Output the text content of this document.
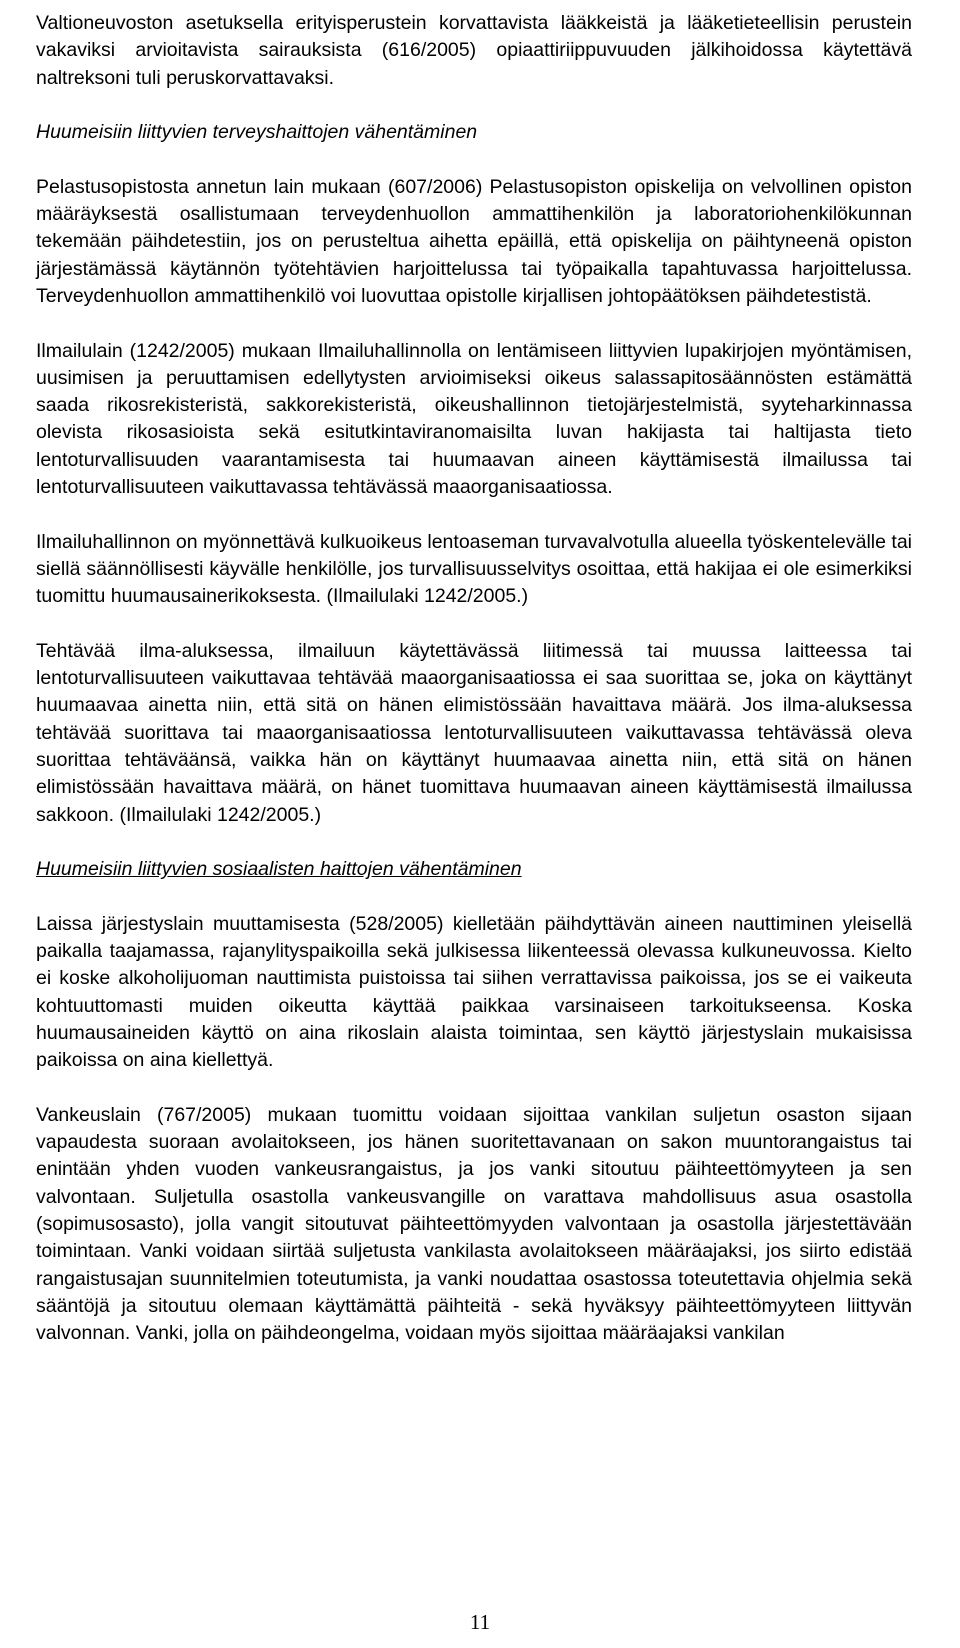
Valtioneuvoston asetuksella erityisperustein korvattavista lääkkeistä ja lääketieteellisin perustein vakaviksi arvioitavista sairauksista (616/2005) opiaattiriippuvuuden jälkihoidossa käytettävä naltreksoni tuli peruskorvattavaksi.

Huumeisiin liittyvien terveyshaittojen vähentäminen

Pelastusopistosta annetun lain mukaan (607/2006) Pelastusopiston opiskelija on velvollinen opiston määräyksestä osallistumaan terveydenhuollon ammattihenkilön ja laboratoriohenkilökunnan tekemään päihdetestiin, jos on perusteltua aihetta epäillä, että opiskelija on päihtyneenä opiston järjestämässä käytännön työtehtävien harjoittelussa tai työpaikalla tapahtuvassa harjoittelussa. Terveydenhuollon ammattihenkilö voi luovuttaa opistolle kirjallisen johtopäätöksen päihdetestistä.

Ilmailulain (1242/2005) mukaan Ilmailuhallinnolla on lentämiseen liittyvien lupakirjojen myöntämisen, uusimisen ja peruuttamisen edellytysten arvioimiseksi oikeus salassapitosäännösten estämättä saada rikosrekisteristä, sakkorekisteristä, oikeushallinnon tietojärjestelmistä, syyteharkinnassa olevista rikosasioista sekä esitutkintaviranomaisilta luvan hakijasta tai haltijasta tieto lentoturvallisuuden vaarantamisesta tai huumaavan aineen käyttämisestä ilmailussa tai lentoturvallisuuteen vaikuttavassa tehtävässä maaorganisaatiossa.

Ilmailuhallinnon on myönnettävä kulkuoikeus lentoaseman turvavalvotulla alueella työskentelevälle tai siellä säännöllisesti käyvälle henkilölle, jos turvallisuusselvitys osoittaa, että hakijaa ei ole esimerkiksi tuomittu huumausainerikoksesta. (Ilmailulaki 1242/2005.)

Tehtävää ilma-aluksessa, ilmailuun käytettävässä liitimessä tai muussa laitteessa tai lentoturvallisuuteen vaikuttavaa tehtävää maaorganisaatiossa ei saa suorittaa se, joka on käyttänyt huumaavaa ainetta niin, että sitä on hänen elimistössään havaittava määrä. Jos ilma-aluksessa tehtävää suorittava tai maaorganisaatiossa lentoturvallisuuteen vaikuttavassa tehtävässä oleva suorittaa tehtäväänsä, vaikka hän on käyttänyt huumaavaa ainetta niin, että sitä on hänen elimistössään havaittava määrä, on hänet tuomittava huumaavan aineen käyttämisestä ilmailussa sakkoon. (Ilmailulaki 1242/2005.)

Huumeisiin liittyvien sosiaalisten haittojen vähentäminen

Laissa järjestyslain muuttamisesta (528/2005) kielletään päihdyttävän aineen nauttiminen yleisellä paikalla taajamassa, rajanylityspaikoilla sekä julkisessa liikenteessä olevassa kulkuneuvossa. Kielto ei koske alkoholijuoman nauttimista puistoissa tai siihen verrattavissa paikoissa, jos se ei vaikeuta kohtuuttomasti muiden oikeutta käyttää paikkaa varsinaiseen tarkoitukseensa. Koska huumausaineiden käyttö on aina rikoslain alaista toimintaa, sen käyttö järjestyslain mukaisissa paikoissa on aina kiellettyä.

Vankeuslain (767/2005) mukaan tuomittu voidaan sijoittaa vankilan suljetun osaston sijaan vapaudesta suoraan avolaitokseen, jos hänen suoritettavanaan on sakon muuntorangaistus tai enintään yhden vuoden vankeusrangaistus, ja jos vanki sitoutuu päihteettömyyteen ja sen valvontaan. Suljetulla osastolla vankeusvangille on varattava mahdollisuus asua osastolla (sopimusosasto), jolla vangit sitoutuvat päihteettömyyden valvontaan ja osastolla järjestettävään toimintaan. Vanki voidaan siirtää suljetusta vankilasta avolaitokseen määräajaksi, jos siirto edistää rangaistusajan suunnitelmien toteutumista, ja vanki noudattaa osastossa toteutettavia ohjelmia sekä sääntöjä ja sitoutuu olemaan käyttämättä päihteitä - sekä hyväksyy päihteettömyyteen liittyvän valvonnan. Vanki, jolla on päihdeongelma, voidaan myös sijoittaa määräajaksi vankilan

11
